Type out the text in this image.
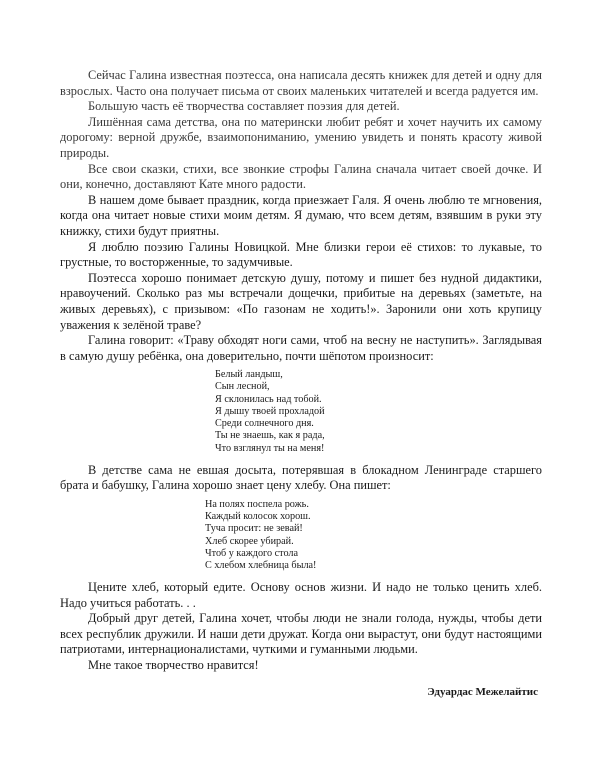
Сейчас Галина известная поэтесса, она написала десять книжек для детей и одну для взрослых. Часто она получает письма от своих маленьких читателей и всегда радуется им.

Большую часть её творчества составляет поэзия для детей.

Лишённая сама детства, она по матерински любит ребят и хочет научить их самому дорогому: верной дружбе, взаимопониманию, умению увидеть и понять красоту живой природы.

Все свои сказки, стихи, все звонкие строфы Галина сначала читает своей дочке. И они, конечно, доставляют Кате много радости.

В нашем доме бывает праздник, когда приезжает Галя. Я очень люблю те мгновения, когда она читает новые стихи моим детям. Я думаю, что всем детям, взявшим в руки эту книжку, стихи будут приятны.

Я люблю поэзию Галины Новицкой. Мне близки герои её стихов: то лукавые, то грустные, то восторженные, то задумчивые.

Поэтесса хорошо понимает детскую душу, потому и пишет без нудной дидактики, нравоучений. Сколько раз мы встречали дощечки, прибитые на деревьях (заметьте, на живых деревьях), с призывом: «По газонам не ходить!». Заронили они хоть крупицу уважения к зелёной траве?

Галина говорит: «Траву обходят ноги сами, чтоб на весну не наступить». Заглядывая в самую душу ребёнка, она доверительно, почти шёпотом произносит:

Белый ландыш,
Сын лесной,
Я склонилась над тобой.
Я дышу твоей прохладой
Среди солнечного дня.
Ты не знаешь, как я рада,
Что взглянул ты на меня!

В детстве сама не евшая досыта, потерявшая в блокадном Ленинграде старшего брата и бабушку, Галина хорошо знает цену хлебу. Она пишет:

На полях поспела рожь.
Каждый колосок хорош.
Туча просит: не зевай!
Хлеб скорее убирай.
Чтоб у каждого стола
С хлебом хлебница была!

Цените хлеб, который едите. Основу основ жизни. И надо не только ценить хлеб. Надо учиться работать. . .

Добрый друг детей, Галина хочет, чтобы люди не знали голода, нужды, чтобы дети всех республик дружили. И наши дети дружат. Когда они вырастут, они будут настоящими патриотами, интернационалистами, чуткими и гуманными людьми.

Мне такое творчество нравится!

Эдуардас Межелайтис
